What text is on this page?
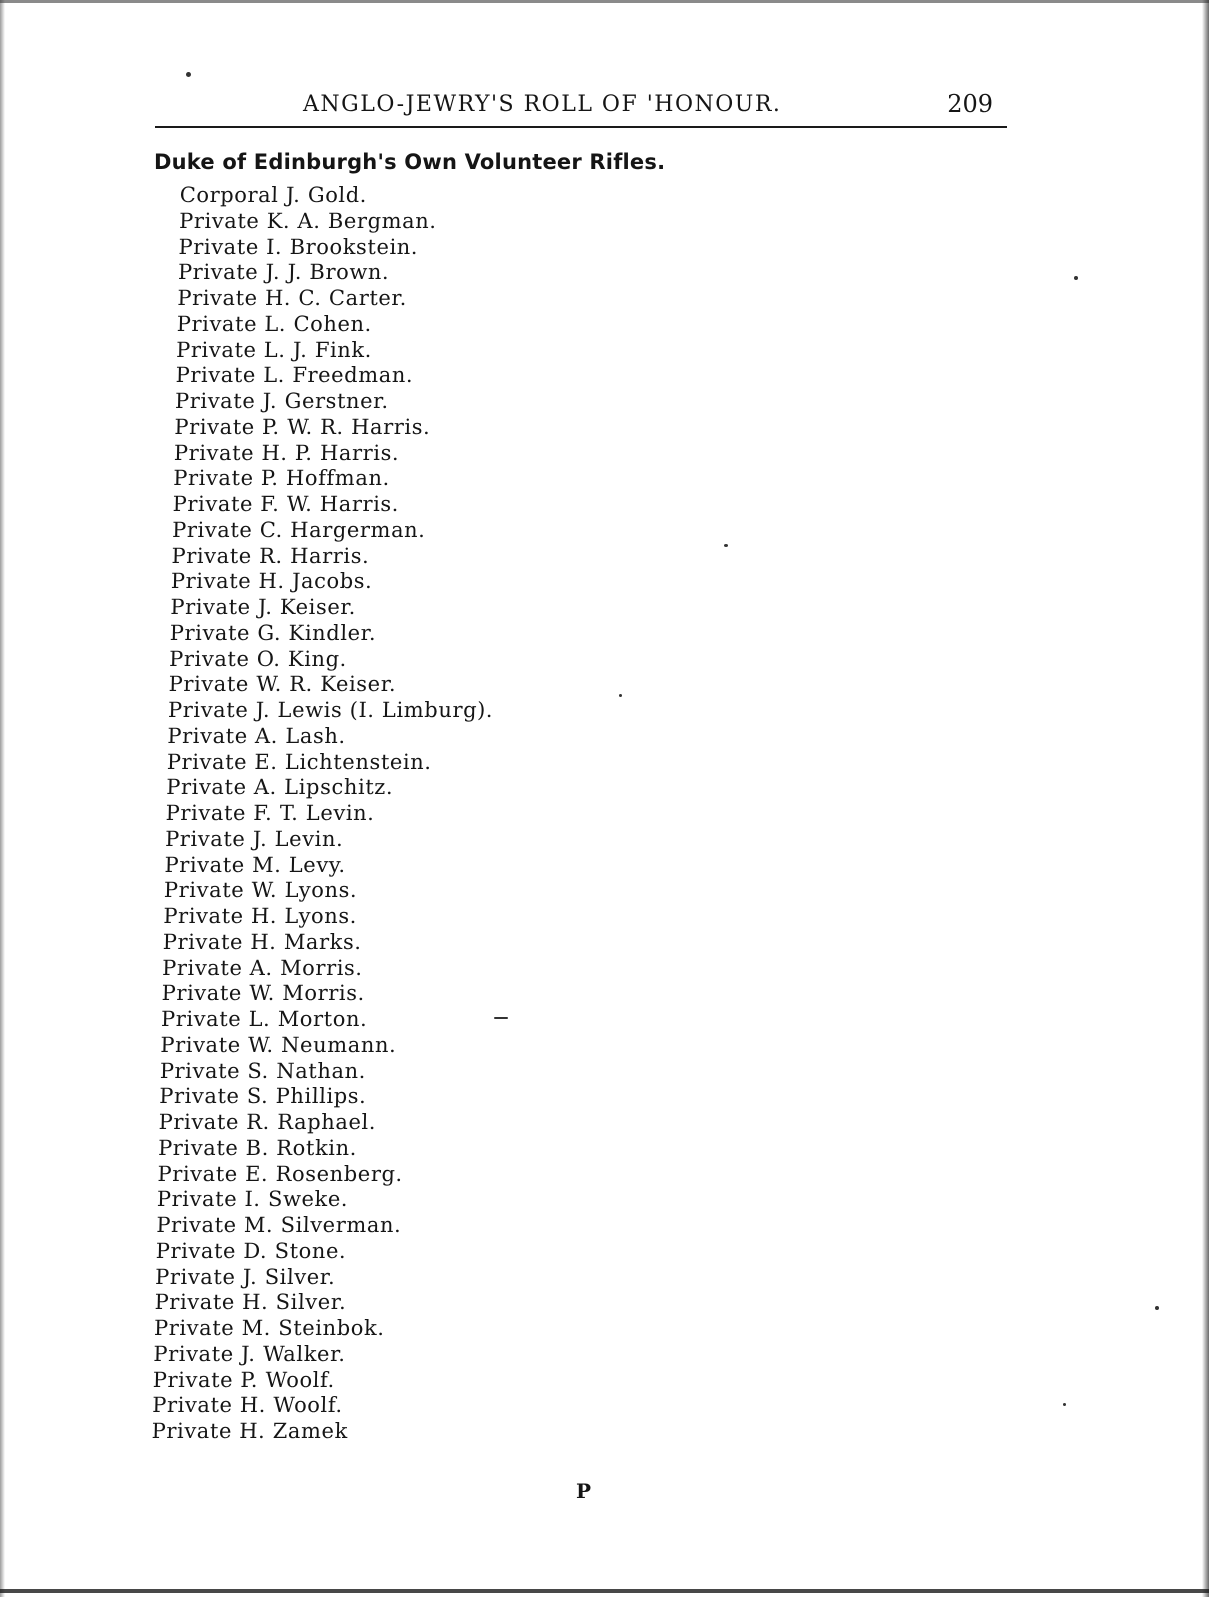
ANGLO-JEWRY'S ROLL OF 'HONOUR.	209
Duke of Edinburgh's Own Volunteer Rifles.
Corporal J. Gold.
Private K. A. Bergman.
Private I. Brookstein.
Private J. J. Brown.
Private H. C. Carter.
Private L. Cohen.
Private L. J. Fink.
Private L. Freedman.
Private J. Gerstner.
Private P. W. R. Harris.
Private H. P. Harris.
Private P. Hoffman.
Private F. W. Harris.
Private C. Hargerman.
Private R. Harris.
Private H. Jacobs.
Private J. Keiser.
Private G. Kindler.
Private O. King.
Private W. R. Keiser.
Private J. Lewis (I. Limburg).
Private A. Lash.
Private E. Lichtenstein.
Private A. Lipschitz.
Private F. T. Levin.
Private J. Levin.
Private M. Levy.
Private W. Lyons.
Private H. Lyons.
Private H. Marks.
Private A. Morris.
Private W. Morris.
Private L. Morton.
Private W. Neumann.
Private S. Nathan.
Private S. Phillips.
Private R. Raphael.
Private B. Rotkin.
Private E. Rosenberg.
Private I. Sweke.
Private M. Silverman.
Private D. Stone.
Private J. Silver.
Private H. Silver.
Private M. Steinbok.
Private J. Walker.
Private P. Woolf.
Private H. Woolf.
Private H. Zamek
P
